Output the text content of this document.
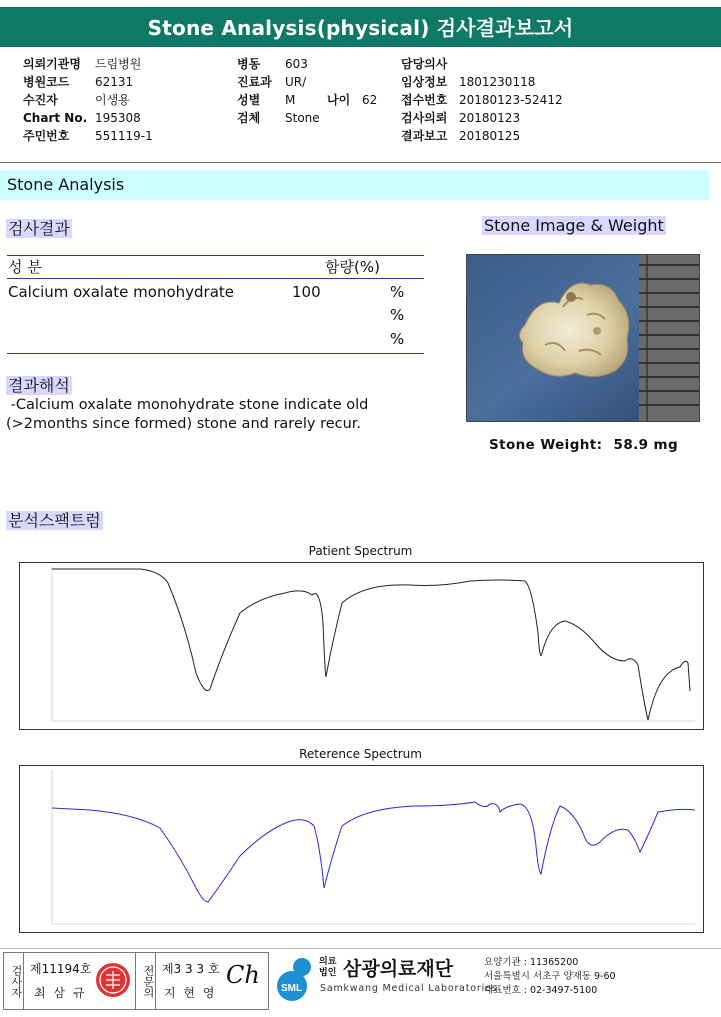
Stone Analysis(physical) 검사결과보고서
의뢰기관명	드림병원
병원코드	62131
수진자	이생용
Chart No. 195308
주민번호	551119-1
병동	603
진료과	UR/
성별	M
검체	Stone
나이 62
담당의사
임상정보 1801230118
접수번호 20180123-52412
검사의뢰 20180123
결과보고 20180125
Stone Analysis
검사결과
성 분	함량(%)
Calcium oxalate monohydrate	100	%
%
%
결과해석
-Calcium oxalate monohydrate stone indicate old
(>2months since formed) stone and rarely recur.
Stone Image & Weight
Stone Weight: 58.9 mg
분석스팩트럼
Patient Spectrum
Reterence Spectrum
검사자 제11194호
최 삼 규	전문의 제3 3 3 호
지 현 영
Ch SML
의료
법인 삼광의료재단
Samkwang Medical Laboratories
요양기관 : 11365200
서울특별시 서초구 양재동 9-60
대표번호 : 02-3497-5100
